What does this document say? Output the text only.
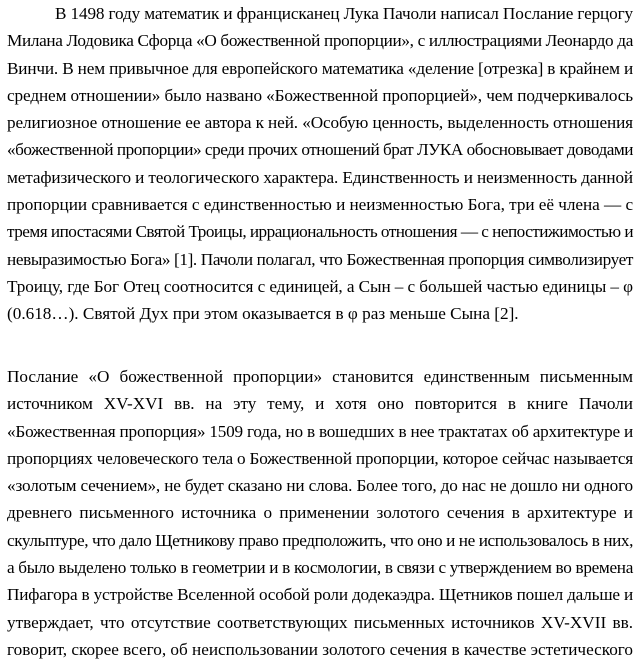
В 1498 году математик и францисканец Лука Пачоли написал Послание герцогу
Милана Лодовика Сфорца «О божественной пропорции», с иллюстрациями Леонардо да
Винчи. В нем привычное для европейского математика «деление [отрезка] в крайнем и
среднем отношении» было названо «Божественной пропорцией», чем подчеркивалось
религиозное отношение ее автора к ней. «Особую ценность, выделенность отношения
«божественной пропорции» среди прочих отношений брат ЛУКА обосновывает доводами
метафизического и теологического характера. Единственность и неизменность данной
пропорции сравнивается с единственностью и неизменностью Бога, три её члена — с
тремя ипостасями Святой Троицы, иррациональность отношения — с непостижимостью и
невыразимостью Бога» [1]. Пачоли полагал, что Божественная пропорция символизирует
Троицу, где Бог Отец соотносится с единицей, а Сын – с большей частью единицы – φ
(0.618…). Святой Дух при этом оказывается в φ раз меньше Сына [2].
Послание «О божественной пропорции» становится единственным письменным
источником XV-XVI вв. на эту тему, и хотя оно повторится в книге Пачоли
«Божественная пропорция» 1509 года, но в вошедших в нее трактатах об архитектуре и
пропорциях человеческого тела о Божественной пропорции, которое сейчас называется
«золотым сечением», не будет сказано ни слова. Более того, до нас не дошло ни одного
древнего письменного источника о применении золотого сечения в архитектуре и
скульптуре, что дало Щетникову право предположить, что оно и не использовалось в них,
а было выделено только в геометрии и в космологии, в связи с утверждением во времена
Пифагора в устройстве Вселенной особой роли додекаэдра. Щетников пошел дальше и
утверждает, что отсутствие соответствующих письменных источников XV-XVII вв.
говорит, скорее всего, об неиспользовании золотого сечения в качестве эстетического
